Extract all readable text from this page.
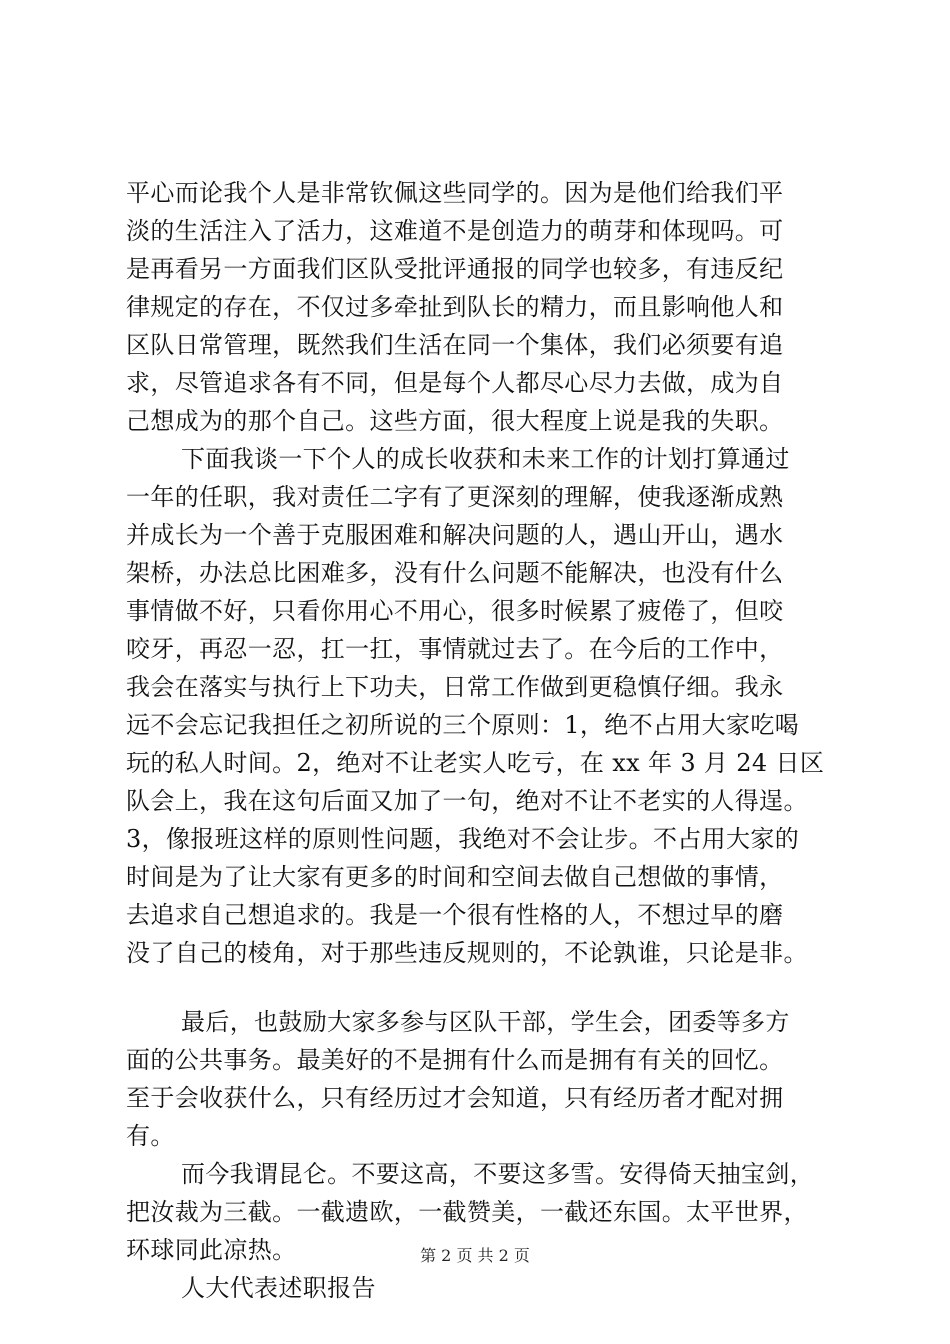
平心而论我个人是非常钦佩这些同学的。因为是他们给我们平
淡的生活注入了活力，这难道不是创造力的萌芽和体现吗。可
是再看另一方面我们区队受批评通报的同学也较多，有违反纪
律规定的存在，不仅过多牵扯到队长的精力，而且影响他人和
区队日常管理，既然我们生活在同一个集体，我们必须要有追
求，尽管追求各有不同，但是每个人都尽心尽力去做，成为自
己想成为的那个自己。这些方面，很大程度上说是我的失职。
下面我谈一下个人的成长收获和未来工作的计划打算通过
一年的任职，我对责任二字有了更深刻的理解，使我逐渐成熟
并成长为一个善于克服困难和解决问题的人，遇山开山，遇水
架桥，办法总比困难多，没有什么问题不能解决，也没有什么
事情做不好，只看你用心不用心，很多时候累了疲倦了，但咬
咬牙，再忍一忍，扛一扛，事情就过去了。在今后的工作中，
我会在落实与执行上下功夫，日常工作做到更稳慎仔细。我永
远不会忘记我担任之初所说的三个原则：1，绝不占用大家吃喝
玩的私人时间。2，绝对不让老实人吃亏，在 xx 年 3 月 24 日区
队会上，我在这句后面又加了一句，绝对不让不老实的人得逞。
3，像报班这样的原则性问题，我绝对不会让步。不占用大家的
时间是为了让大家有更多的时间和空间去做自己想做的事情，
去追求自己想追求的。我是一个很有性格的人，不想过早的磨
没了自己的棱角，对于那些违反规则的，不论孰谁，只论是非。
最后，也鼓励大家多参与区队干部，学生会，团委等多方
面的公共事务。最美好的不是拥有什么而是拥有有关的回忆。
至于会收获什么，只有经历过才会知道，只有经历者才配对拥
有。
而今我谓昆仑。不要这高，不要这多雪。安得倚天抽宝剑，
把汝裁为三截。一截遗欧，一截赞美，一截还东国。太平世界，
环球同此凉热。
人大代表述职报告
第 2 页 共 2 页
